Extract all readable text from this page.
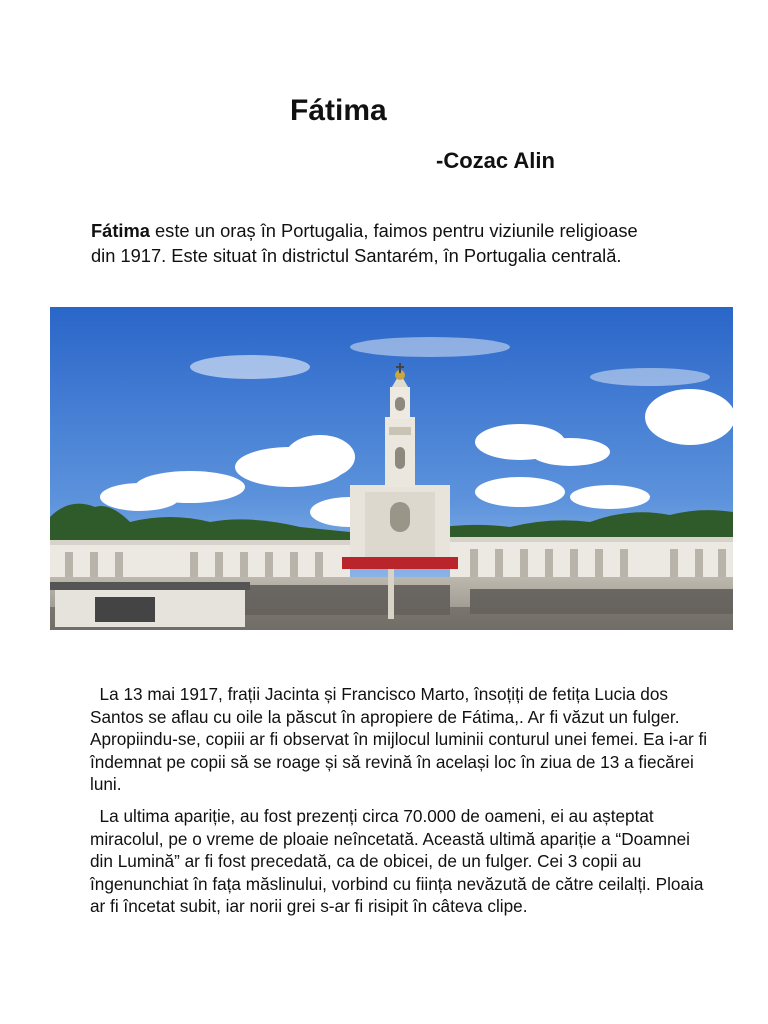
Fátima
-Cozac Alin

Fátima este un oraș în Portugalia, faimos pentru viziunile religioase din 1917. Este situat în districtul Santarém, în Portugalia centrală.

La 13 mai 1917, frații Jacinta și Francisco Marto, însoțiți de fetița Lucia dos Santos se aflau cu oile la păscut în apropiere de Fátima,. Ar fi văzut un fulger. Apropiindu-se, copiii ar fi observat în mijlocul luminii conturul unei femei. Ea i-ar fi îndemnat pe copii să se roage și să revină în același loc în ziua de 13 a fiecărei luni.

La ultima apariție, au fost prezenți circa 70.000 de oameni, ei au așteptat miracolul, pe o vreme de ploaie neîncetată. Această ultimă apariție a “Doamnei din Lumină” ar fi fost precedată, ca de obicei, de un fulger. Cei 3 copii au îngenunchiat în fața măslinului, vorbind cu ființa nevăzută de către ceilalți. Ploaia ar fi încetat subit, iar norii grei s-ar fi risipit în câteva clipe.
